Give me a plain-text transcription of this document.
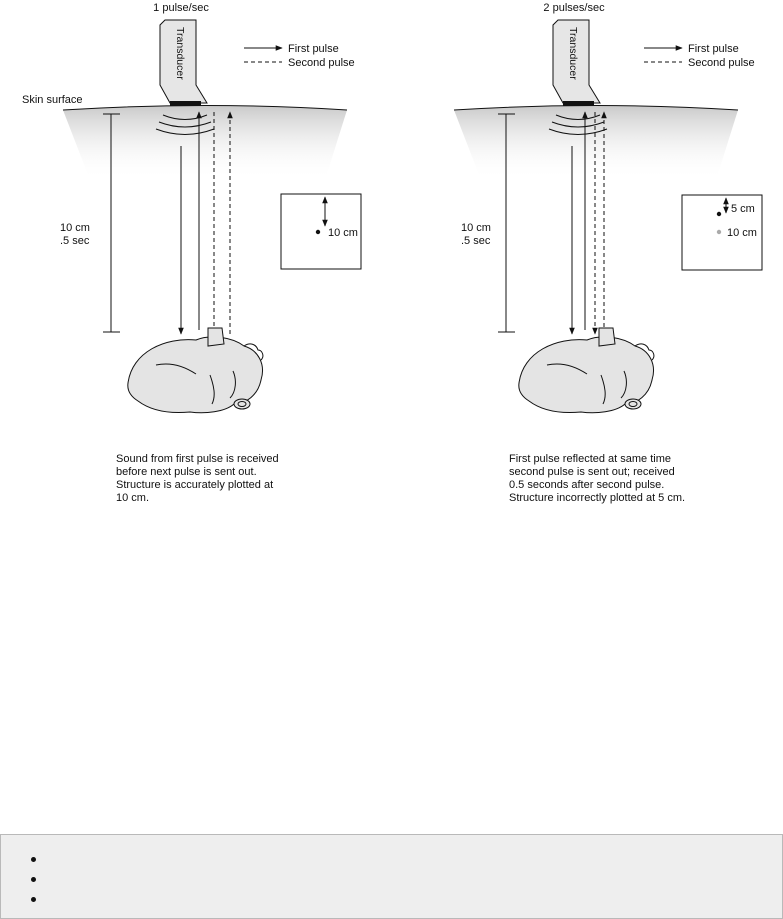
1 pulse/sec
Skin surface
Transducer	First pulse
Second pulse
10 cm
.5 sec
10 cm
2 pulses/sec
Transducer	First pulse
Second pulse
10 cm
.5 sec
5 cm
10 cm
Sound from first pulse is received
before next pulse is sent out.
Structure is accurately plotted at
10 cm.
First pulse reflected at same time
second pulse is sent out; received
0.5 seconds after second pulse.
Structure incorrectly plotted at 5 cm.
